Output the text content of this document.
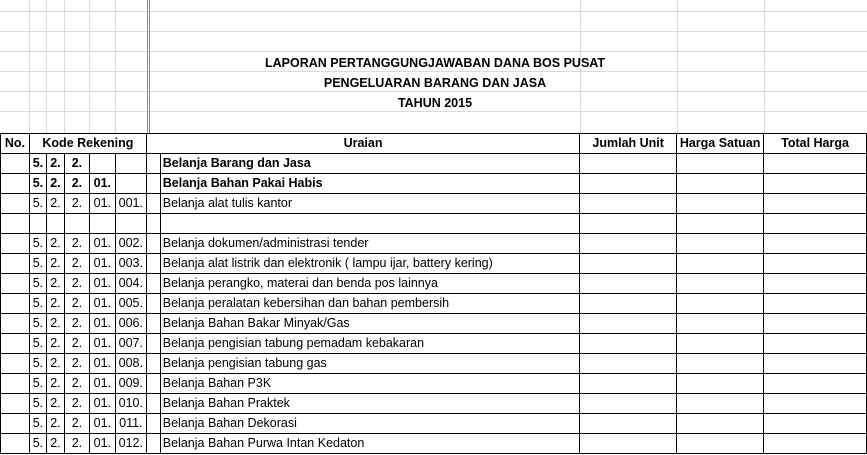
LAPORAN PERTANGGUNGJAWABAN DANA BOS PUSAT
PENGELUARAN BARANG DAN JASA
TAHUN 2015
No.	Kode Rekening					Uraian		Jumlah Unit	Harga Satuan	Total Harga
	5.	2.	2.				Belanja Barang dan Jasa			
	5.	2.	2.	01.			Belanja Bahan Pakai Habis			
	5.	2.	2.	01.	001.		Belanja alat tulis kantor			

	5.	2.	2.	01.	002.		Belanja dokumen/administrasi tender			
	5.	2.	2.	01.	003.		Belanja alat listrik dan elektronik ( lampu ijar, battery kering)			
	5.	2.	2.	01.	004.		Belanja perangko, materai dan benda pos lainnya			
	5.	2.	2.	01.	005.		Belanja peralatan kebersihan dan bahan pembersih			
	5.	2.	2.	01.	006.		Belanja Bahan Bakar Minyak/Gas			
	5.	2.	2.	01.	007.		Belanja pengisian tabung pemadam kebakaran			
	5.	2.	2.	01.	008.		Belanja pengisian tabung gas			
	5.	2.	2.	01.	009.		Belanja Bahan P3K			
	5.	2.	2.	01.	010.		Belanja Bahan Praktek			
	5.	2.	2.	01.	011.		Belanja Bahan Dekorasi			
	5.	2.	2.	01.	012.		Belanja Bahan Purwa Intan Kedaton			
